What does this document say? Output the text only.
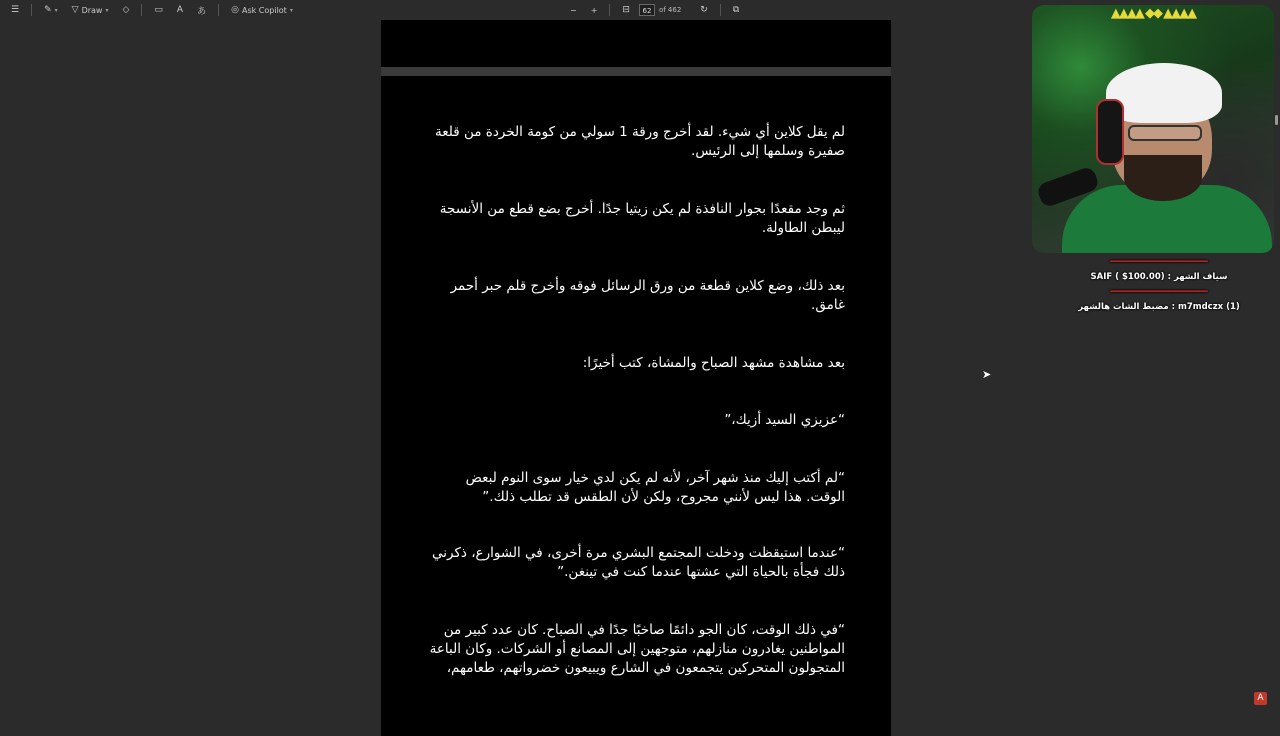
☰	✎ ▾ ▽ Draw ▾ ◇	▭ A あ	◎ Ask Copilot ▾	−	+	⊟	62	of 462 ↻	⧉
لم يقل كلاين أي شيء. لقد أخرج ورقة 1 سولي من كومة الخردة من قلعة صفيرة وسلمها إلى الرئيس.
ثم وجد مقعدًا بجوار النافذة لم يكن زيتيا جدًا. أخرج بضع قطع من الأنسجة ليبطن الطاولة.
بعد ذلك، وضع كلاين قطعة من ورق الرسائل فوقه وأخرج قلم حبر أحمر غامق.
بعد مشاهدة مشهد الصباح والمشاة، كتب أخيرًا:
“عزيزي السيد أزيك،”
“لم أكتب إليك منذ شهر آخر، لأنه لم يكن لدي خيار سوى النوم لبعض الوقت. هذا ليس لأنني مجروح، ولكن لأن الطقس قد تطلب ذلك.”
“عندما استيقظت ودخلت المجتمع البشري مرة أخرى، في الشوارع، ذكرني ذلك فجأة بالحياة التي عشتها عندما كنت في تينغن.”
“في ذلك الوقت، كان الجو دائمًا صاخبًا جدًا في الصباح. كان عدد كبير من المواطنين يغادرون منازلهم، متوجهين إلى المصانع أو الشركات. وكان الباعة المتجولون المتحركين يتجمعون في الشارع ويبيعون خضرواتهم، طعامهم،
▲▲▲▲ ◆◆ ▲▲▲▲
━━━━━━━━━━━━━━━━━━━
سياف الشهر : SAIF ( $100.00)
━━━━━━━━━━━━━━━━━━━
m7mdczx (1) : مضبط الشات هالشهر
➤
A
